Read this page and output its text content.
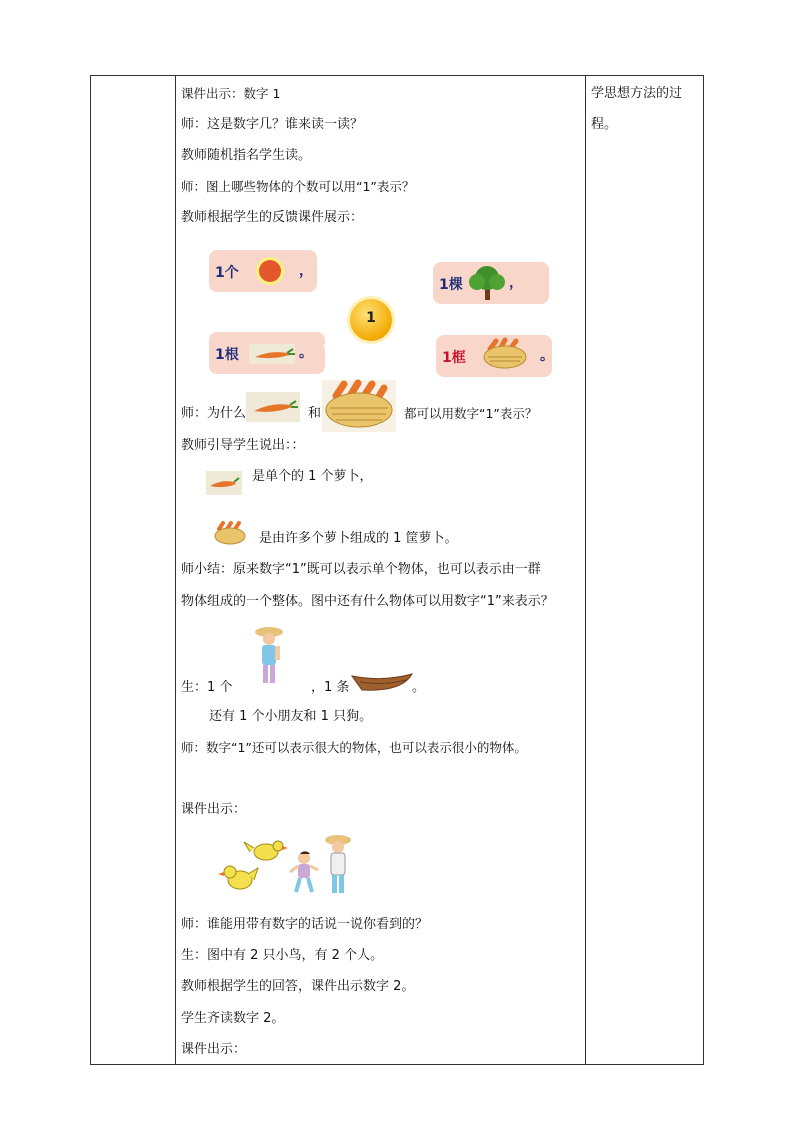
学思想方法的过
程。
课件出示：数字 1
师：这是数字几？谁来读一读？
教师随机指名学生读。
师：图上哪些物体的个数可以用“1”表示？
教师根据学生的反馈课件展示：
1个	，
1棵	，
1根	。	1框	。
1
师：为什么	和	都可以用数字“1”表示？
教师引导学生说出：：
是单个的 1 个萝卜，
是由许多个萝卜组成的 1 筐萝卜。
师小结：原来数字“1”既可以表示单个物体，也可以表示由一群
物体组成的一个整体。图中还有什么物体可以用数字“1”来表示？
生：1 个	，1 条	。
还有 1 个小朋友和 1 只狗。
师：数字“1”还可以表示很大的物体，也可以表示很小的物体。
课件出示：
师：谁能用带有数字的话说一说你看到的？
生：图中有 2 只小鸟，有 2 个人。
教师根据学生的回答，课件出示数字 2。
学生齐读数字 2。
课件出示：
